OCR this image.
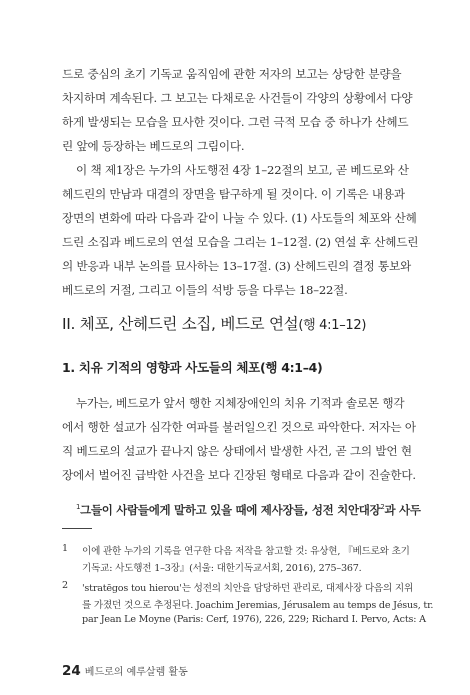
드로 중심의 초기 기독교 움직임에 관한 저자의 보고는 상당한 분량을
차지하며 계속된다. 그 보고는 다채로운 사건들이 각양의 상황에서 다양
하게 발생되는 모습을 묘사한 것이다. 그런 극적 모습 중 하나가 산헤드
린 앞에 등장하는 베드로의 그림이다.
이 책 제1장은 누가의 사도행전 4장 1–22절의 보고, 곧 베드로와 산
헤드린의 만남과 대결의 장면을 탐구하게 될 것이다. 이 기록은 내용과
장면의 변화에 따라 다음과 같이 나눌 수 있다. (1) 사도들의 체포와 산헤
드린 소집과 베드로의 연설 모습을 그리는 1–12절. (2) 연설 후 산헤드린
의 반응과 내부 논의를 묘사하는 13–17절. (3) 산헤드린의 결정 통보와
베드로의 거절, 그리고 이들의 석방 등을 다루는 18–22절.
II. 체포, 산헤드린 소집, 베드로 연설(행 4:1–12)
1. 치유 기적의 영향과 사도들의 체포(행 4:1–4)
누가는, 베드로가 앞서 행한 지체장애인의 치유 기적과 솔로몬 행각
에서 행한 설교가 심각한 여파를 불러일으킨 것으로 파악한다. 저자는 아
직 베드로의 설교가 끝나지 않은 상태에서 발생한 사건, 곧 그의 발언 현
장에서 벌어진 급박한 사건을 보다 긴장된 형태로 다음과 같이 진술한다.
$^1$그들이 사람들에게 말하고 있을 때에 제사장들, 성전 치안대장$^2$과 사두
1 이에 관한 누가의 기록을 연구한 다음 저작을 참고할 것: 유상현, 『베드로와 초기
기독교: 사도행전 1–3장』(서울: 대한기독교서회, 2016), 275–367.
2 'stratēgos tou hierou'는 성전의 치안을 담당하던 관리로, 대제사장 다음의 지위
를 가졌던 것으로 추정된다. Joachim Jeremias, Jérusalem au temps de Jésus, tr.
par Jean Le Moyne (Paris: Cerf, 1976), 226, 229; Richard I. Pervo, Acts: A
24 베드로의 예루살렘 활동
